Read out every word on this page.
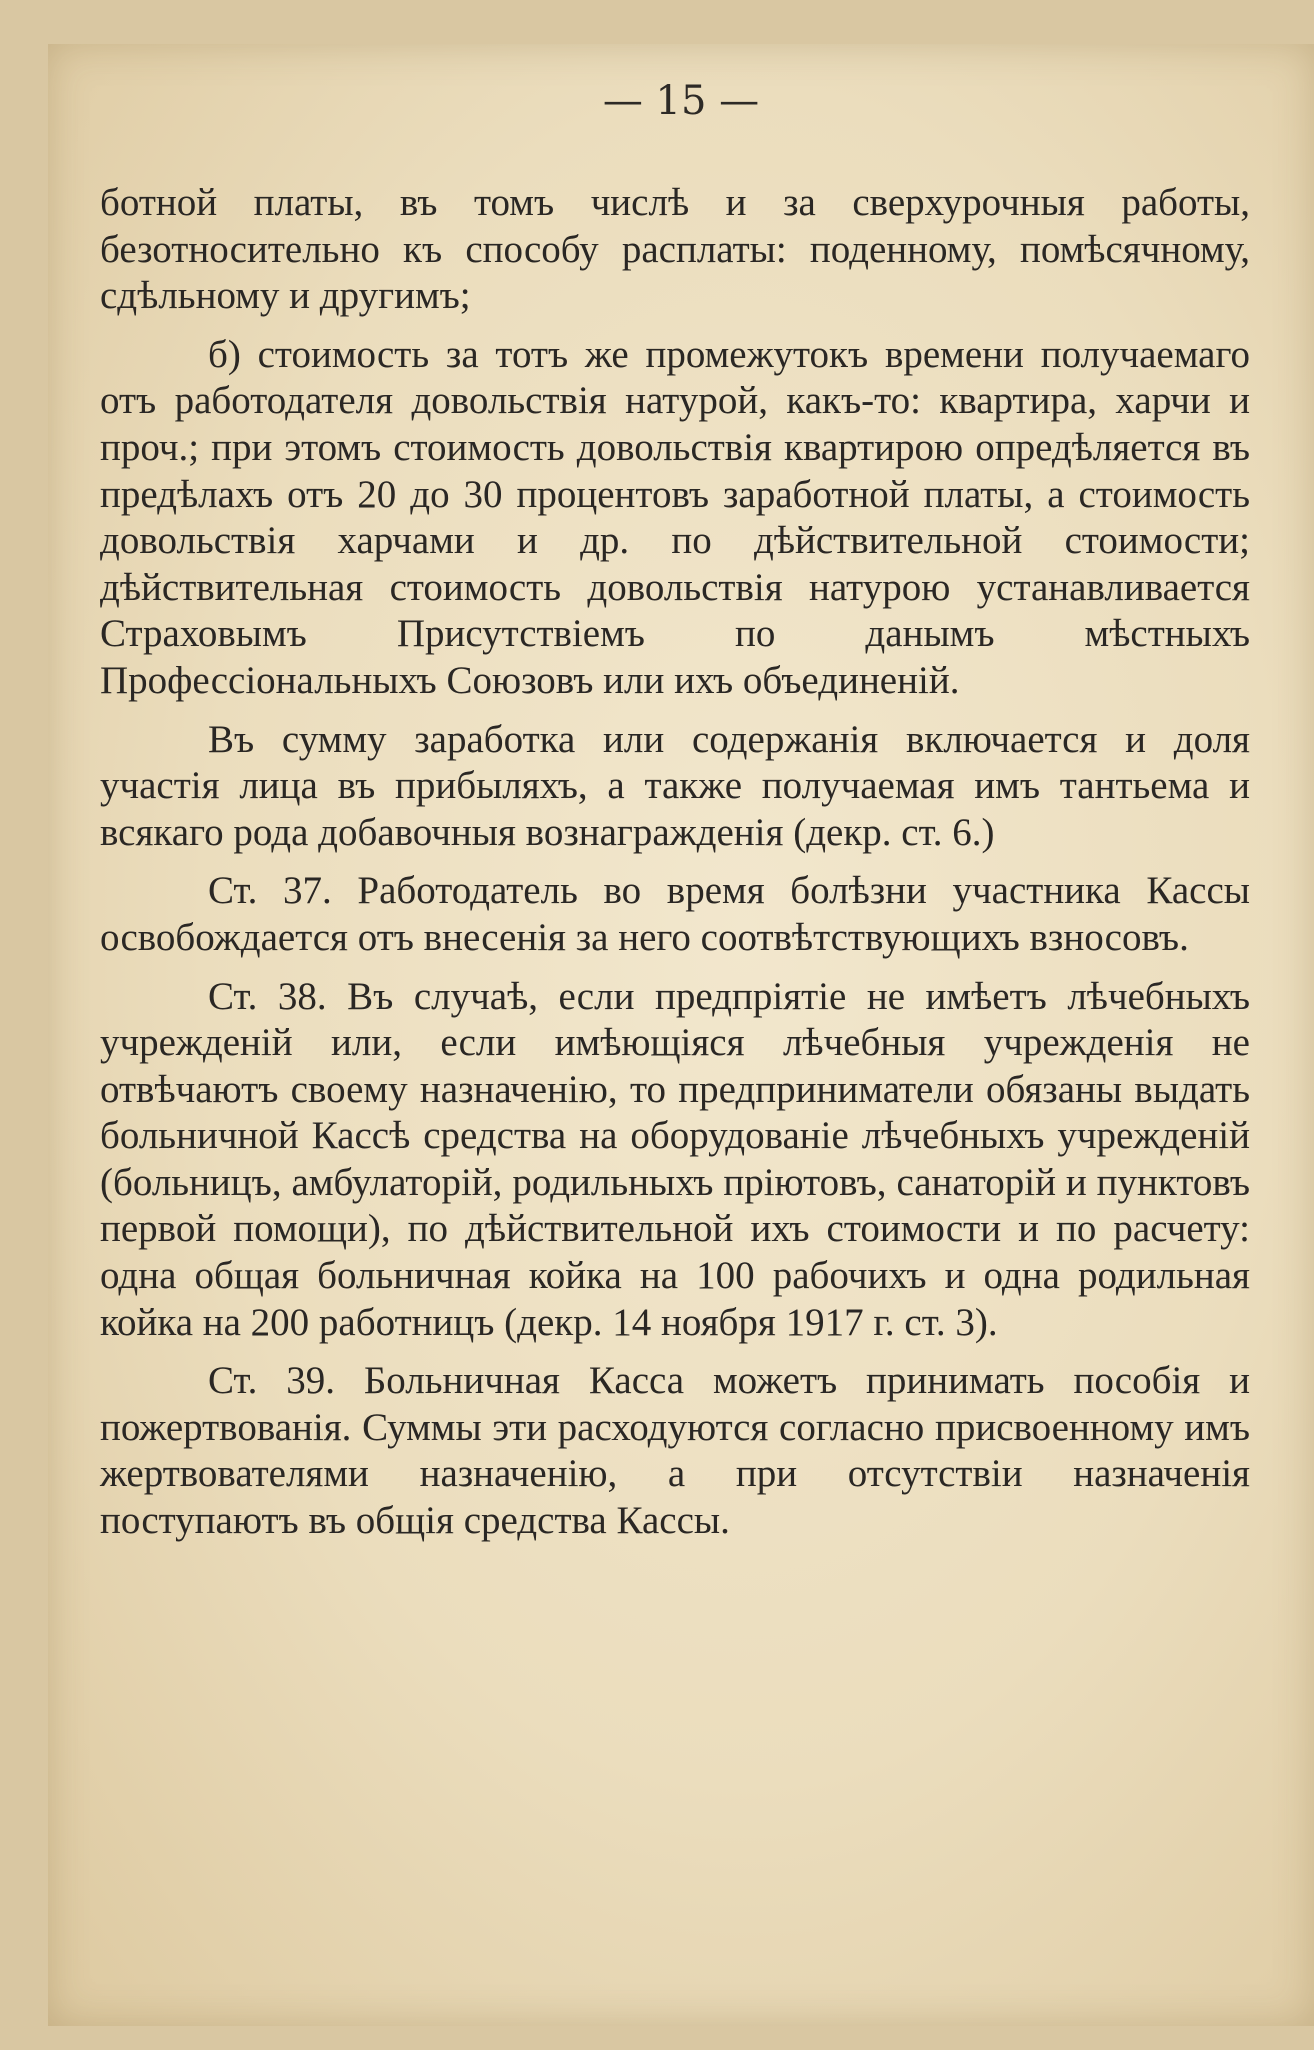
— 15 —

ботной платы, въ томъ числѣ и за сверхурочныя работы, безотносительно къ способу расплаты: поденному, помѣсячному, сдѣльному и другимъ;

б) стоимость за тотъ же промежутокъ времени получаемаго отъ работодателя довольствія натурой, какъ-то: квартира, харчи и проч.; при этомъ стоимость довольствія квартирою опредѣляется въ предѣлахъ отъ 20 до 30 процентовъ заработной платы, а стоимость довольствія харчами и др. по дѣйствительной стоимости; дѣйствительная стоимость довольствія натурою устанавливается Страховымъ Присутствіемъ по данымъ мѣстныхъ Профессіональныхъ Союзовъ или ихъ объединеній.

Въ сумму заработка или содержанія включается и доля участія лица въ прибыляхъ, а также получаемая имъ тантьема и всякаго рода добавочныя вознагражденія (декр. ст. 6.)

Ст. 37. Работодатель во время болѣзни участника Кассы освобождается отъ внесенія за него соотвѣтствующихъ взносовъ.

Ст. 38. Въ случаѣ, если предпріятіе не имѣетъ лѣчебныхъ учрежденій или, если имѣющіяся лѣчебныя учрежденія не отвѣчаютъ своему назначенію, то предприниматели обязаны выдать больничной Кассѣ средства на оборудованіе лѣчебныхъ учрежденій (больницъ, амбулаторій, родильныхъ пріютовъ, санаторій и пунктовъ первой помощи), по дѣйствительной ихъ стоимости и по расчету: одна общая больничная койка на 100 рабочихъ и одна родильная койка на 200 работницъ (декр. 14 ноября 1917 г. ст. 3).

Ст. 39. Больничная Касса можетъ принимать пособія и пожертвованія. Суммы эти расходуются согласно присвоенному имъ жертвователями назначенію, а при отсутствіи назначенія поступаютъ въ общія средства Кассы.
